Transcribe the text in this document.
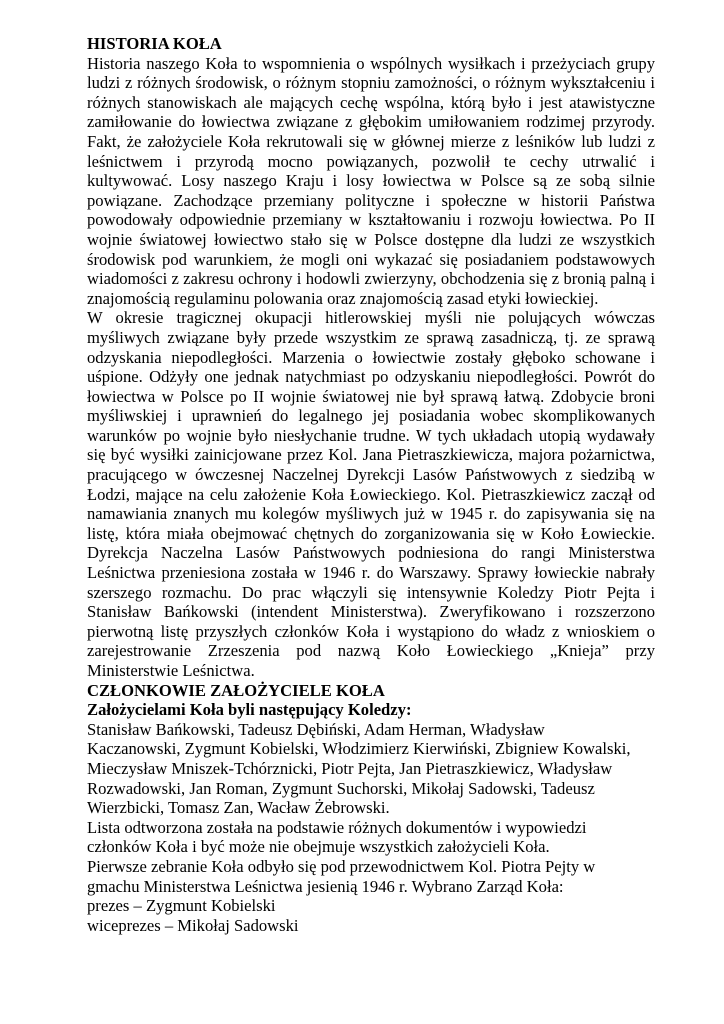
HISTORIA KOŁA

Historia naszego Koła to wspomnienia o wspólnych wysiłkach i przeżyciach grupy ludzi z różnych środowisk, o różnym stopniu zamożności, o różnym wykształceniu i różnych stanowiskach ale mających cechę wspólna, którą było i jest atawistyczne zamiłowanie do łowiectwa związane z głębokim umiłowaniem rodzimej przyrody. Fakt, że założyciele Koła rekrutowali się w głównej mierze z leśników lub ludzi z leśnictwem i przyrodą mocno powiązanych, pozwolił te cechy utrwalić i kultywować. Losy naszego Kraju i losy łowiectwa w Polsce są ze sobą silnie powiązane. Zachodzące przemiany polityczne i społeczne w historii Państwa powodowały odpowiednie przemiany w kształtowaniu i rozwoju łowiectwa. Po II wojnie światowej łowiectwo stało się w Polsce dostępne dla ludzi ze wszystkich środowisk pod warunkiem, że mogli oni wykazać się posiadaniem podstawowych wiadomości z zakresu ochrony i hodowli zwierzyny, obchodzenia się z bronią palną i znajomością regulaminu polowania oraz znajomością zasad etyki łowieckiej.

W okresie tragicznej okupacji hitlerowskiej myśli nie polujących wówczas myśliwych związane były przede wszystkim ze sprawą zasadniczą, tj. ze sprawą odzyskania niepodległości. Marzenia o łowiectwie zostały głęboko schowane i uśpione. Odżyły one jednak natychmiast po odzyskaniu niepodległości. Powrót do łowiectwa w Polsce po II wojnie światowej nie był sprawą łatwą. Zdobycie broni myśliwskiej i uprawnień do legalnego jej posiadania wobec skomplikowanych warunków po wojnie było niesłychanie trudne. W tych układach utopią wydawały się być wysiłki zainicjowane przez Kol. Jana Pietraszkiewicza, majora pożarnictwa, pracującego w ówczesnej Naczelnej Dyrekcji Lasów Państwowych z siedzibą w Łodzi, mające na celu założenie Koła Łowieckiego. Kol. Pietraszkiewicz zaczął od namawiania znanych mu kolegów myśliwych już w 1945 r. do zapisywania się na listę, która miała obejmować chętnych do zorganizowania się w Koło Łowieckie. Dyrekcja Naczelna Lasów Państwowych podniesiona do rangi Ministerstwa Leśnictwa przeniesiona została w 1946 r. do Warszawy. Sprawy łowieckie nabrały szerszego rozmachu. Do prac włączyli się intensywnie Koledzy Piotr Pejta i Stanisław Bańkowski (intendent Ministerstwa). Zweryfikowano i rozszerzono pierwotną listę przyszłych członków Koła i wystąpiono do władz z wnioskiem o zarejestrowanie Zrzeszenia pod nazwą Koło Łowieckiego „Knieja” przy Ministerstwie Leśnictwa.

CZŁONKOWIE ZAŁOŻYCIELE KOŁA

Założycielami Koła byli następujący Koledzy:

Stanisław Bańkowski, Tadeusz Dębiński, Adam Herman, Władysław

Kaczanowski, Zygmunt Kobielski, Włodzimierz Kierwiński, Zbigniew Kowalski,

Mieczysław Mniszek-Tchórznicki, Piotr Pejta, Jan Pietraszkiewicz, Władysław

Rozwadowski, Jan Roman, Zygmunt Suchorski, Mikołaj Sadowski, Tadeusz

Wierzbicki, Tomasz Zan, Wacław Żebrowski.

Lista odtworzona została na podstawie różnych dokumentów i wypowiedzi

członków Koła i być może nie obejmuje wszystkich założycieli Koła.

Pierwsze zebranie Koła odbyło się pod przewodnictwem Kol. Piotra Pejty w

gmachu Ministerstwa Leśnictwa jesienią 1946 r. Wybrano Zarząd Koła:

prezes – Zygmunt Kobielski

wiceprezes – Mikołaj Sadowski
